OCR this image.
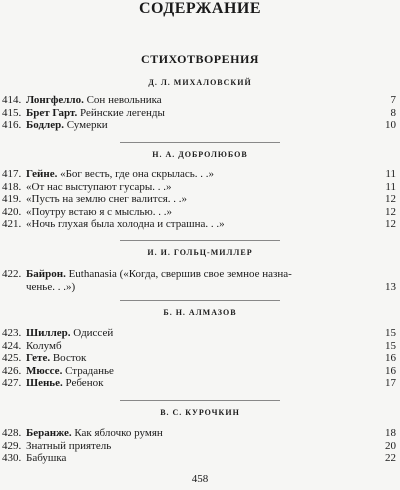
СОДЕРЖАНИЕ
СТИХОТВОРЕНИЯ
Д. Л. МИХАЛОВСКИЙ
414. Лонгфелло. Сон невольника	7
415. Брет Гарт. Рейнские легенды	8
416. Бодлер. Сумерки	10
Н. А. ДОБРОЛЮБОВ
417. Гейне. «Бог весть, где она скрылась. . .»	11
418. «От нас выступают гусары. . .»	11
419. «Пусть на землю снег валится. . .»	12
420. «Поутру встаю я с мыслью. . .»	12
421. «Ночь глухая была холодна и страшна. . .»	12
И. И. ГОЛЬЦ-МИЛЛЕР
422. Байрон. Euthanasia («Когда, свершив свое земное назна-
ченье. . .»)	13
Б. Н. АЛМАЗОВ
423. Шиллер. Одиссей	15
424. Колумб	15
425. Гете. Восток	16
426. Мюссе. Страданье	16
427. Шенье. Ребенок	17
В. С. КУРОЧКИН
428. Беранже. Как яблочко румян	18
429. Знатный приятель	20
430. Бабушка	22
458
